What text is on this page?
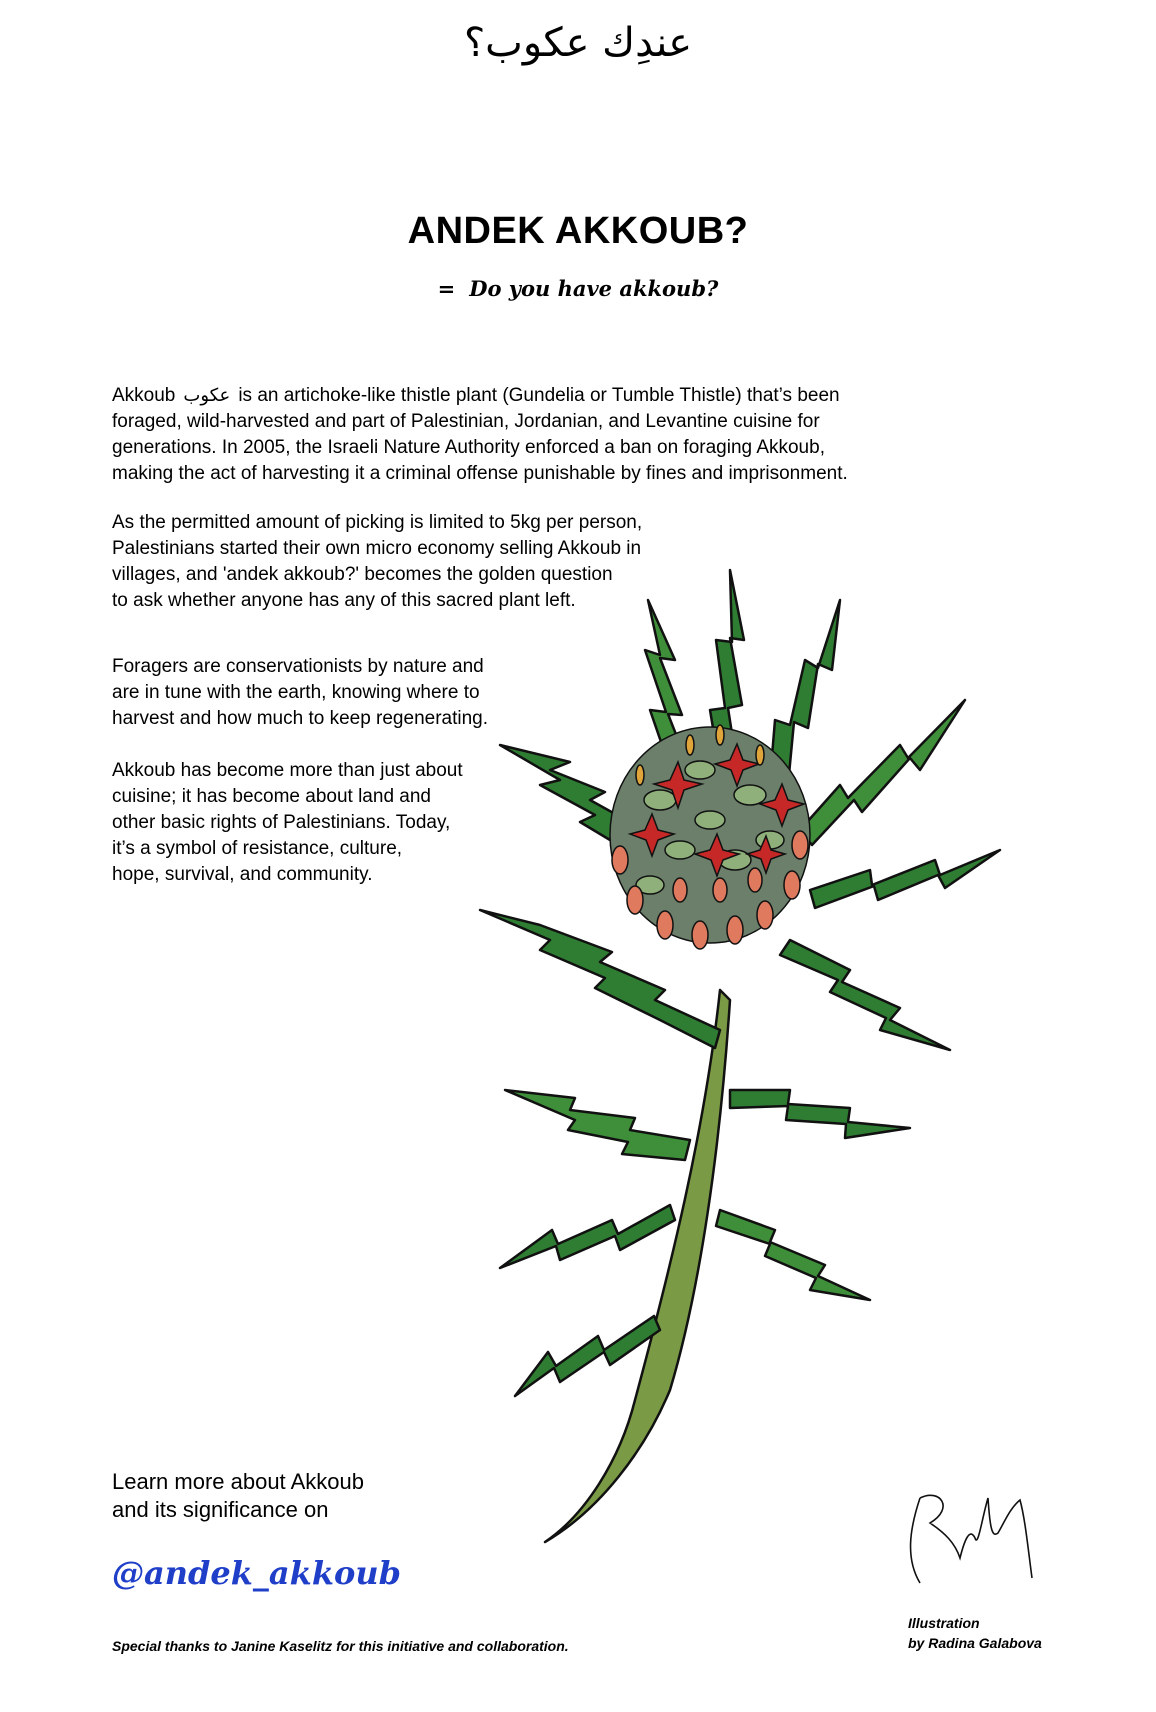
عندِك عكوب؟
ANDEK AKKOUB?
= Do you have akkoub?
Akkoub عكوب is an artichoke-like thistle plant (Gundelia or Tumble Thistle) that’s been
foraged, wild-harvested and part of Palestinian, Jordanian, and Levantine cuisine for
generations. In 2005, the Israeli Nature Authority enforced a ban on foraging Akkoub,
making the act of harvesting it a criminal offense punishable by fines and imprisonment.
As the permitted amount of picking is limited to 5kg per person,
Palestinians started their own micro economy selling Akkoub in
villages, and 'andek akkoub?' becomes the golden question
to ask whether anyone has any of this sacred plant left.
Foragers are conservationists by nature and
are in tune with the earth, knowing where to
harvest and how much to keep regenerating.
Akkoub has become more than just about
cuisine; it has become about land and
other basic rights of Palestinians. Today,
it’s a symbol of resistance, culture,
hope, survival, and community.
Learn more about Akkoub
and its significance on
@andek_akkoub
Special thanks to Janine Kaselitz for this initiative and collaboration.
Illustration
by Radina Galabova
